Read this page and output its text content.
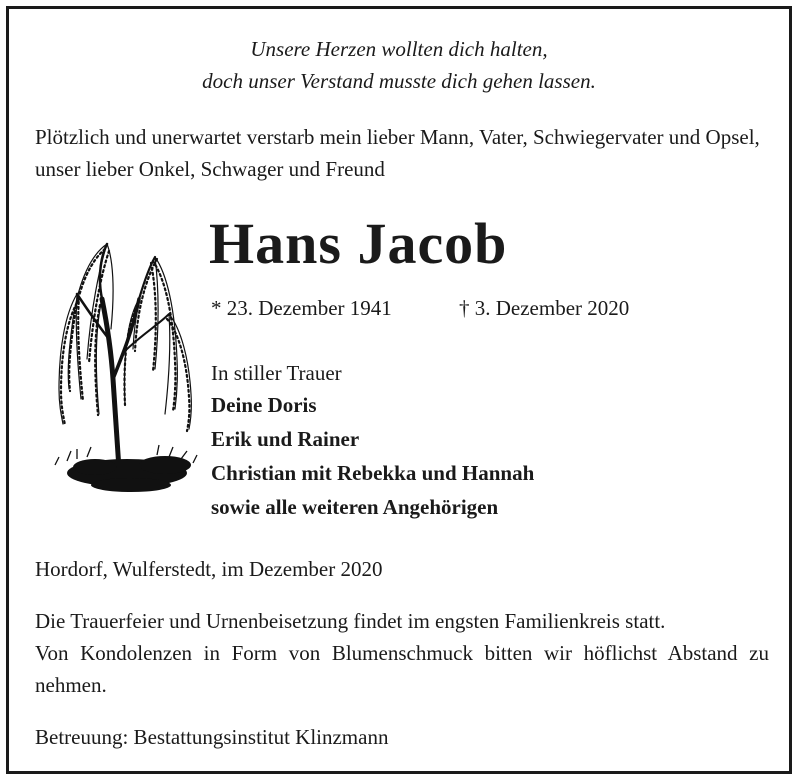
Unsere Herzen wollten dich halten,
doch unser Verstand musste dich gehen lassen.
Plötzlich und unerwartet verstarb mein lieber Mann, Vater, Schwiegervater und Opsel, unser lieber Onkel, Schwager und Freund
Hans Jacob
* 23. Dezember 1941	† 3. Dezember 2020
In stiller Trauer
Deine Doris
Erik und Rainer
Christian mit Rebekka und Hannah
sowie alle weiteren Angehörigen
Hordorf, Wulferstedt, im Dezember 2020
Die Trauerfeier und Urnenbeisetzung findet im engsten Familienkreis statt.
Von Kondolenzen in Form von Blumenschmuck bitten wir höflichst Abstand zu nehmen.
Betreuung: Bestattungsinstitut Klinzmann
